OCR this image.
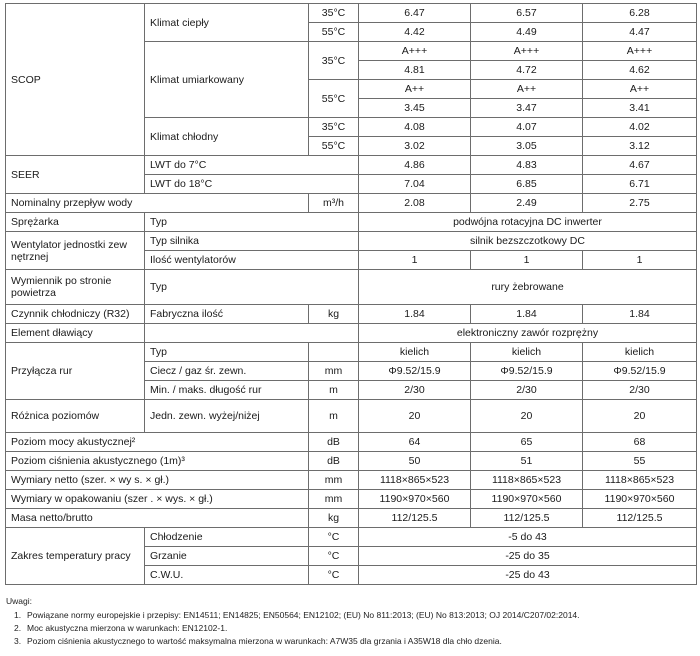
SCOP	Klimat ciepły	35°C	6.47	6.57	6.28
		55°C	4.42	4.49	4.47
	Klimat umiarkowany	35°C	A+++	A+++	A+++
			4.81	4.72	4.62
		55°C	A++	A++	A++
			3.45	3.47	3.41
	Klimat chłodny	35°C	4.08	4.07	4.02
		55°C	3.02	3.05	3.12
SEER	LWT do 7°C		4.86	4.83	4.67
	LWT do 18°C		7.04	6.85	6.71
Nominalny przepływ wody		m³/h	2.08	2.49	2.75
Sprężarka	Typ		podwójna rotacyjna DC inwerter		
Wentylator jednostki zew nętrznej	Typ silnika		silnik bezszczotkowy DC		
	Ilość wentylatorów		1	1	1
Wymiennik po stronie powietrza	Typ		rury żebrowane		
Czynnik chłodniczy (R32)	Fabryczna ilość	kg	1.84	1.84	1.84
Element dławiący			elektroniczny zawór rozprężny		
Przyłącza rur	Typ		kielich	kielich	kielich
	Ciecz / gaz śr. zewn.	mm	Φ9.52/15.9	Φ9.52/15.9	Φ9.52/15.9
	Min. / maks. długość rur	m	2/30	2/30	2/30
Różnica poziomów	Jedn. zewn. wyżej/niżej	m	20	20	20
Poziom mocy akustycznej²		dB	64	65	68
Poziom ciśnienia akustycznego (1m)³		dB	50	51	55
Wymiary netto (szer. × wy s. × gł.)		mm	1118×865×523	1118×865×523	1118×865×523
Wymiary w opakowaniu (szer . × wys. × gł.)		mm	1190×970×560	1190×970×560	1190×970×560
Masa netto/brutto		kg	112/125.5	112/125.5	112/125.5
Zakres temperatury pracy	Chłodzenie	°C	-5 do 43		
	Grzanie	°C	-25 do 35		
	C.W.U.	°C	-25 do 43		
Uwagi:
1. Powiązane normy europejskie i przepisy: EN14511; EN14825; EN50564; EN12102; (EU) No 811:2013; (EU) No 813:2013; OJ 2014/C207/02:2014.
2. Moc akustyczna mierzona w warunkach: EN12102-1.
3. Poziom ciśnienia akustycznego to wartość maksymalna mierzona w warunkach: A7W35 dla grzania i A35W18 dla chło dzenia.
